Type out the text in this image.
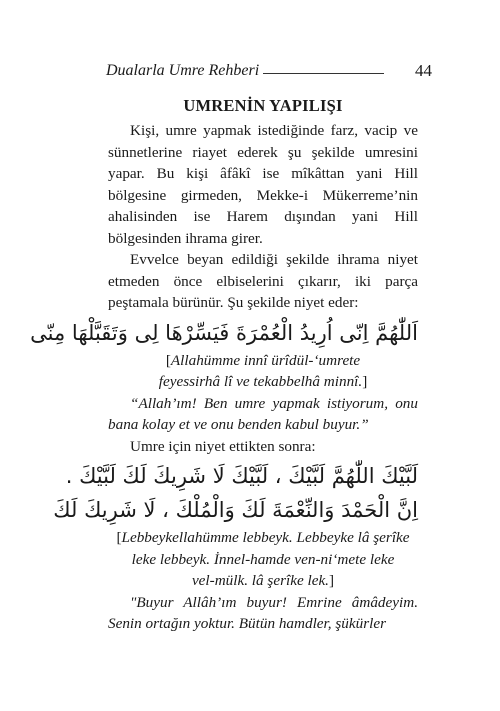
Dualarla Umre Rehberi	44
UMRENİN YAPILIŞI

Kişi, umre yapmak istediğinde farz, vacip ve sünnetlerine riayet ederek şu şekilde umresini yapar. Bu kişi âfâkî ise mîkâttan yani Hill bölgesine girmeden, Mekke-i Mükerreme’nin ahalisinden ise Harem dışından yani Hill bölgesinden ihrama girer.

Evvelce beyan edildiği şekilde ihrama niyet etmeden önce elbiselerini çıkarır, iki parça peştamala bürünür. Şu şekilde niyet eder:

اَللّٰهُمَّ اِنّى اُرِيدُ الْعُمْرَةَ فَيَسِّرْهَا لِى وَتَقَبَّلْهَا مِنّى

[Allahümme innî ürîdül-‘umrete
feyessirhâ lî ve tekabbelhâ minnî.]

“Allah’ım! Ben umre yapmak istiyorum, onu bana kolay et ve onu benden kabul buyur.”

Umre için niyet ettikten sonra:

لَبَّيْكَ اللّٰهُمَّ لَبَّيْكَ ، لَبَّيْكَ لَا شَرِيكَ لَكَ لَبَّيْكَ .
اِنَّ الْحَمْدَ وَالنِّعْمَةَ لَكَ وَالْمُلْكَ ، لَا شَرِيكَ لَكَ

[Lebbeykellahümme lebbeyk. Lebbeyke lâ şerîke
leke lebbeyk. İnnel-hamde ven-ni‘mete leke
vel-mülk. lâ şerîke lek.]

"Buyur Allâh’ım buyur! Emrine âmâdeyim. Senin ortağın yoktur. Bütün hamdler, şükürler
